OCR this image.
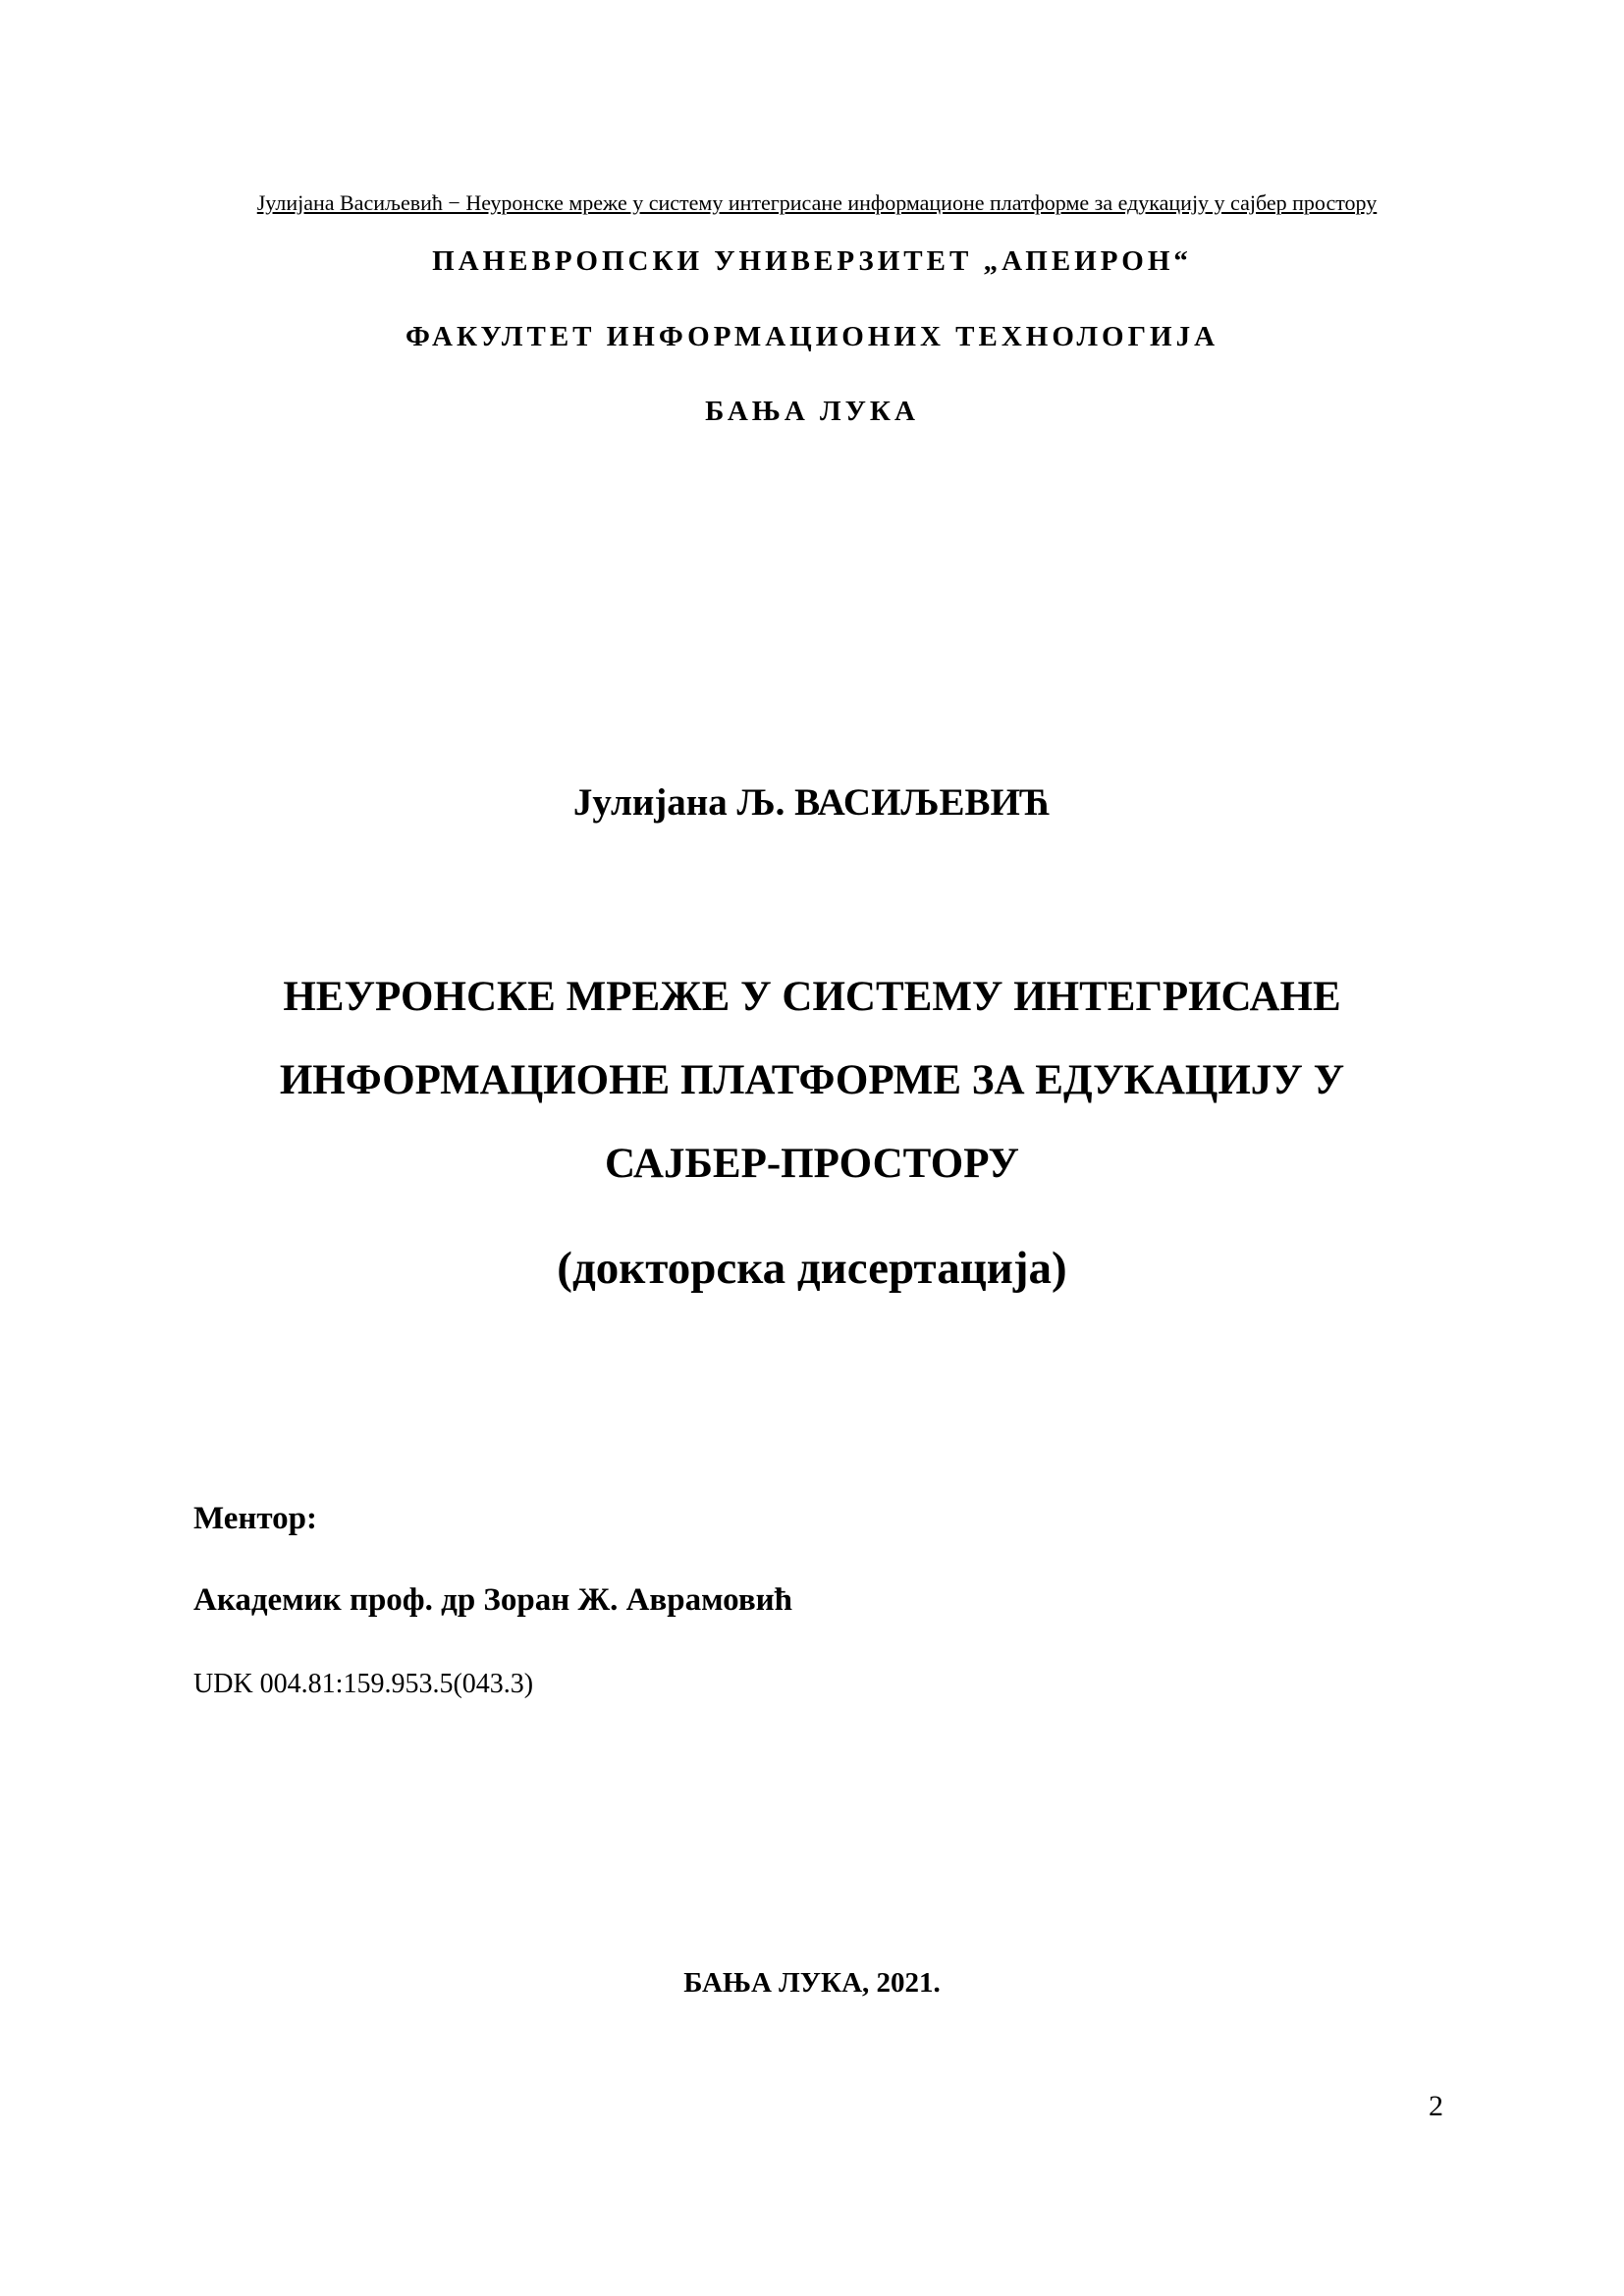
Јулијана Васиљевић − Неуронске мреже у систему интегрисане информационе платформе за едукацију у сајбер простору
ПАНЕВРОПСКИ УНИВЕРЗИТЕТ „АПЕИРОН“
ФАКУЛТЕТ ИНФОРМАЦИОНИХ ТЕХНОЛОГИЈА
БАЊА ЛУКА
Јулијана Љ. ВАСИЉЕВИЋ
НЕУРОНСКЕ МРЕЖЕ У СИСТЕМУ ИНТЕГРИСАНЕ
ИНФОРМАЦИОНЕ ПЛАТФОРМЕ ЗА ЕДУКАЦИЈУ У
САЈБЕР-ПРОСТОРУ
(докторска дисертација)
Ментор:
Академик проф. др Зоран Ж. Аврамовић
UDK 004.81:159.953.5(043.3)
БАЊА ЛУКА, 2021.
2
